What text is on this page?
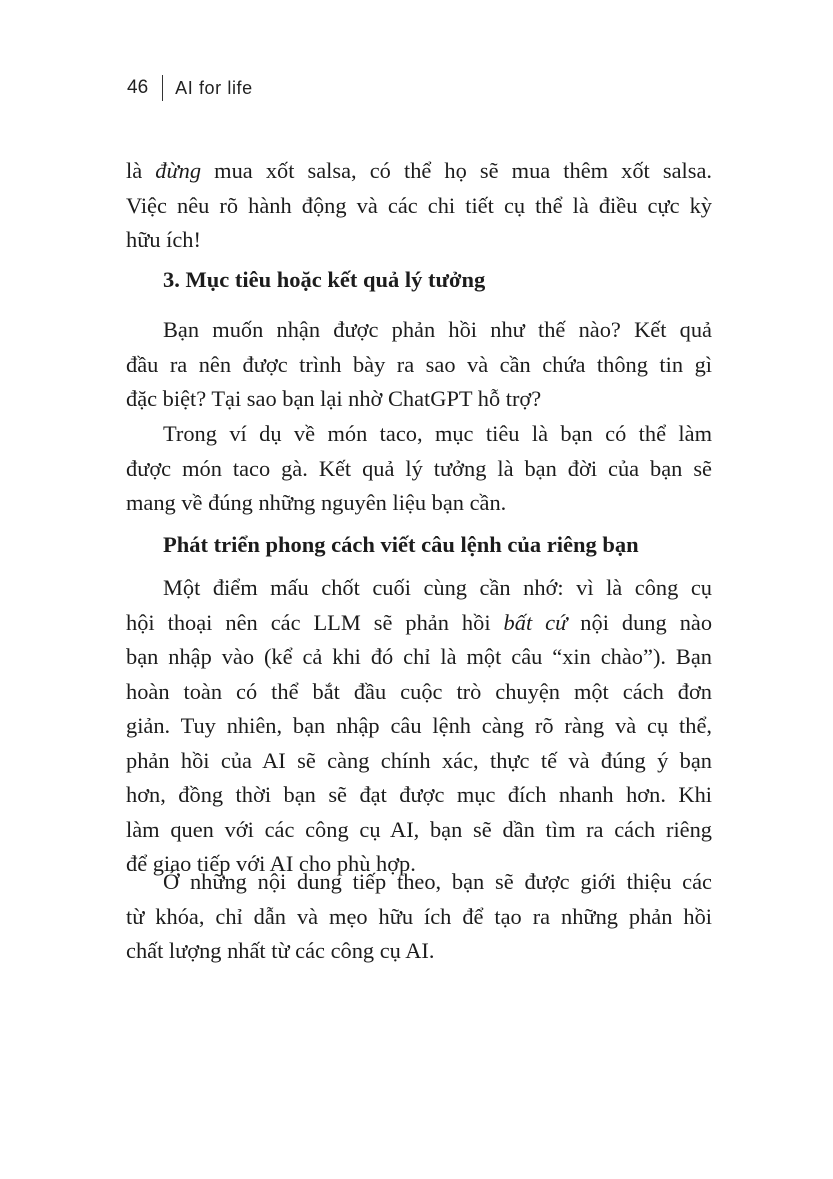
46 AI for life
là đừng mua xốt salsa, có thể họ sẽ mua thêm xốt salsa.
Việc nêu rõ hành động và các chi tiết cụ thể là điều cực kỳ
hữu ích!
3. Mục tiêu hoặc kết quả lý tưởng
Bạn muốn nhận được phản hồi như thế nào? Kết quả
đầu ra nên được trình bày ra sao và cần chứa thông tin gì
đặc biệt? Tại sao bạn lại nhờ ChatGPT hỗ trợ?
Trong ví dụ về món taco, mục tiêu là bạn có thể làm
được món taco gà. Kết quả lý tưởng là bạn đời của bạn sẽ
mang về đúng những nguyên liệu bạn cần.
Phát triển phong cách viết câu lệnh của riêng bạn
Một điểm mấu chốt cuối cùng cần nhớ: vì là công cụ
hội thoại nên các LLM sẽ phản hồi bất cứ nội dung nào
bạn nhập vào (kể cả khi đó chỉ là một câu “xin chào”). Bạn
hoàn toàn có thể bắt đầu cuộc trò chuyện một cách đơn
giản. Tuy nhiên, bạn nhập câu lệnh càng rõ ràng và cụ thể,
phản hồi của AI sẽ càng chính xác, thực tế và đúng ý bạn
hơn, đồng thời bạn sẽ đạt được mục đích nhanh hơn. Khi
làm quen với các công cụ AI, bạn sẽ dần tìm ra cách riêng
để giao tiếp với AI cho phù hợp.
Ở những nội dung tiếp theo, bạn sẽ được giới thiệu các
từ khóa, chỉ dẫn và mẹo hữu ích để tạo ra những phản hồi
chất lượng nhất từ các công cụ AI.
